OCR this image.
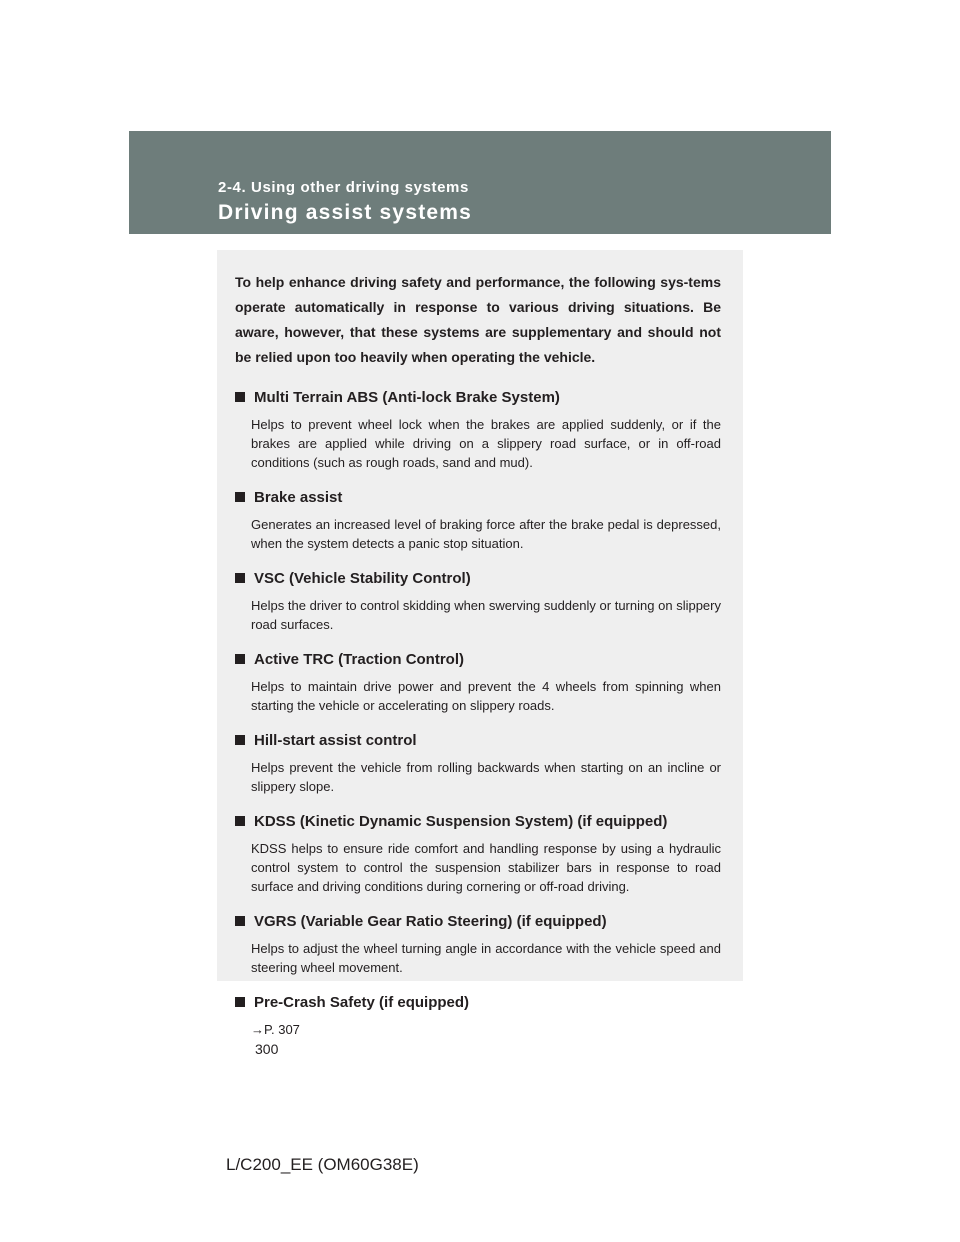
2-4. Using other driving systems
Driving assist systems

To help enhance driving safety and performance, the following sys-tems operate automatically in response to various driving situations. Be aware, however, that these systems are supplementary and should not be relied upon too heavily when operating the vehicle.

Multi Terrain ABS (Anti-lock Brake System)
Helps to prevent wheel lock when the brakes are applied suddenly, or if the brakes are applied while driving on a slippery road surface, or in off-road conditions (such as rough roads, sand and mud).
Brake assist
Generates an increased level of braking force after the brake pedal is depressed, when the system detects a panic stop situation.
VSC (Vehicle Stability Control)
Helps the driver to control skidding when swerving suddenly or turning on slippery road surfaces.
Active TRC (Traction Control)
Helps to maintain drive power and prevent the 4 wheels from spinning when starting the vehicle or accelerating on slippery roads.
Hill-start assist control
Helps prevent the vehicle from rolling backwards when starting on an incline or slippery slope.
KDSS (Kinetic Dynamic Suspension System) (if equipped)
KDSS helps to ensure ride comfort and handling response by using a hydraulic control system to control the suspension stabilizer bars in response to road surface and driving conditions during cornering or off-road driving.
VGRS (Variable Gear Ratio Steering) (if equipped)
Helps to adjust the wheel turning angle in accordance with the vehicle speed and steering wheel movement.
Pre-Crash Safety (if equipped)
→P. 307
300
L/C200_EE (OM60G38E)
